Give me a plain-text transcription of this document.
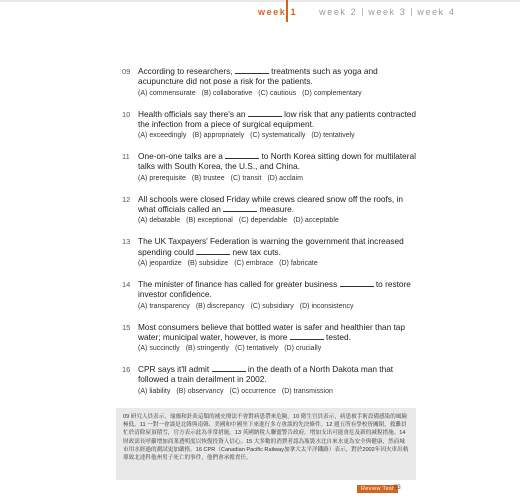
week 1 week 2 week 3 week 4
09 According to researchers,	treatments such as yoga and acupuncture did not pose a risk for the patients.
(A) commensurate (B) collaborative (C) cautious (D) complementary
10 Health officials say there's an	low risk that any patients contracted the infection from a piece of surgical equipment.
(A) exceedingly (B) appropriately (C) systematically (D) tentatively
11 One-on-one talks are a	to North Korea sitting down for multilateral talks with South Korea, the U.S., and China.
(A) prerequisite (B) trustee (C) transit (D) acclaim
12 All schools were closed Friday while crews cleared snow off the roofs, in what officials called an	measure.
(A) debatable (B) exceptional (C) dependable (D) acceptable
13 The UK Taxpayers' Federation is warning the government that increased spending could	new tax cuts.
(A) jeopardize (B) subsidize (C) embrace (D) fabricate
14 The minister of finance has called for greater business	to restore investor confidence.
(A) transparency (B) discrepancy (C) subsidiary (D) inconsistency
15 Most consumers believe that bottled water is safer and healthier than tap water; municipal water, however, is more	tested.
(A) succinctly (B) stringently (C) tentatively (D) crucially
16 CPR says it'll admit	in the death of a North Dakota man that followed a train derailment in 2002.
(A) liability (B) observancy (C) occurrence (D) transmission
09 研究人員表示，瑜珈和針灸這類的補充療法不會對病患帶來危險。10 衛生官員表示，病患被手術設備感染的風險極低。11 一對一會談是北韓與南韓、美國和中國坐下來進行多方會談的先決條件。12 週五所有學校皆關閉，救難員忙於清除屋頂積雪，官方表示此為非常措施。13 英國納稅人聯盟警告政府，增加支出可能會危及新的減稅措施。14 財政部長呼籲增加商業透明度以恢復投資人信心。15 大多數的消費者認為瓶裝水比自來水更為安全與健康，然而城市用水經過的測試更加嚴格。16 CPR（Canadian Pacific Railway加拿大太平洋鐵路）表示，對於2002年因火車出軌導致北達科他州男子死亡的事件，他們會承擔責任。
Review Test 53
